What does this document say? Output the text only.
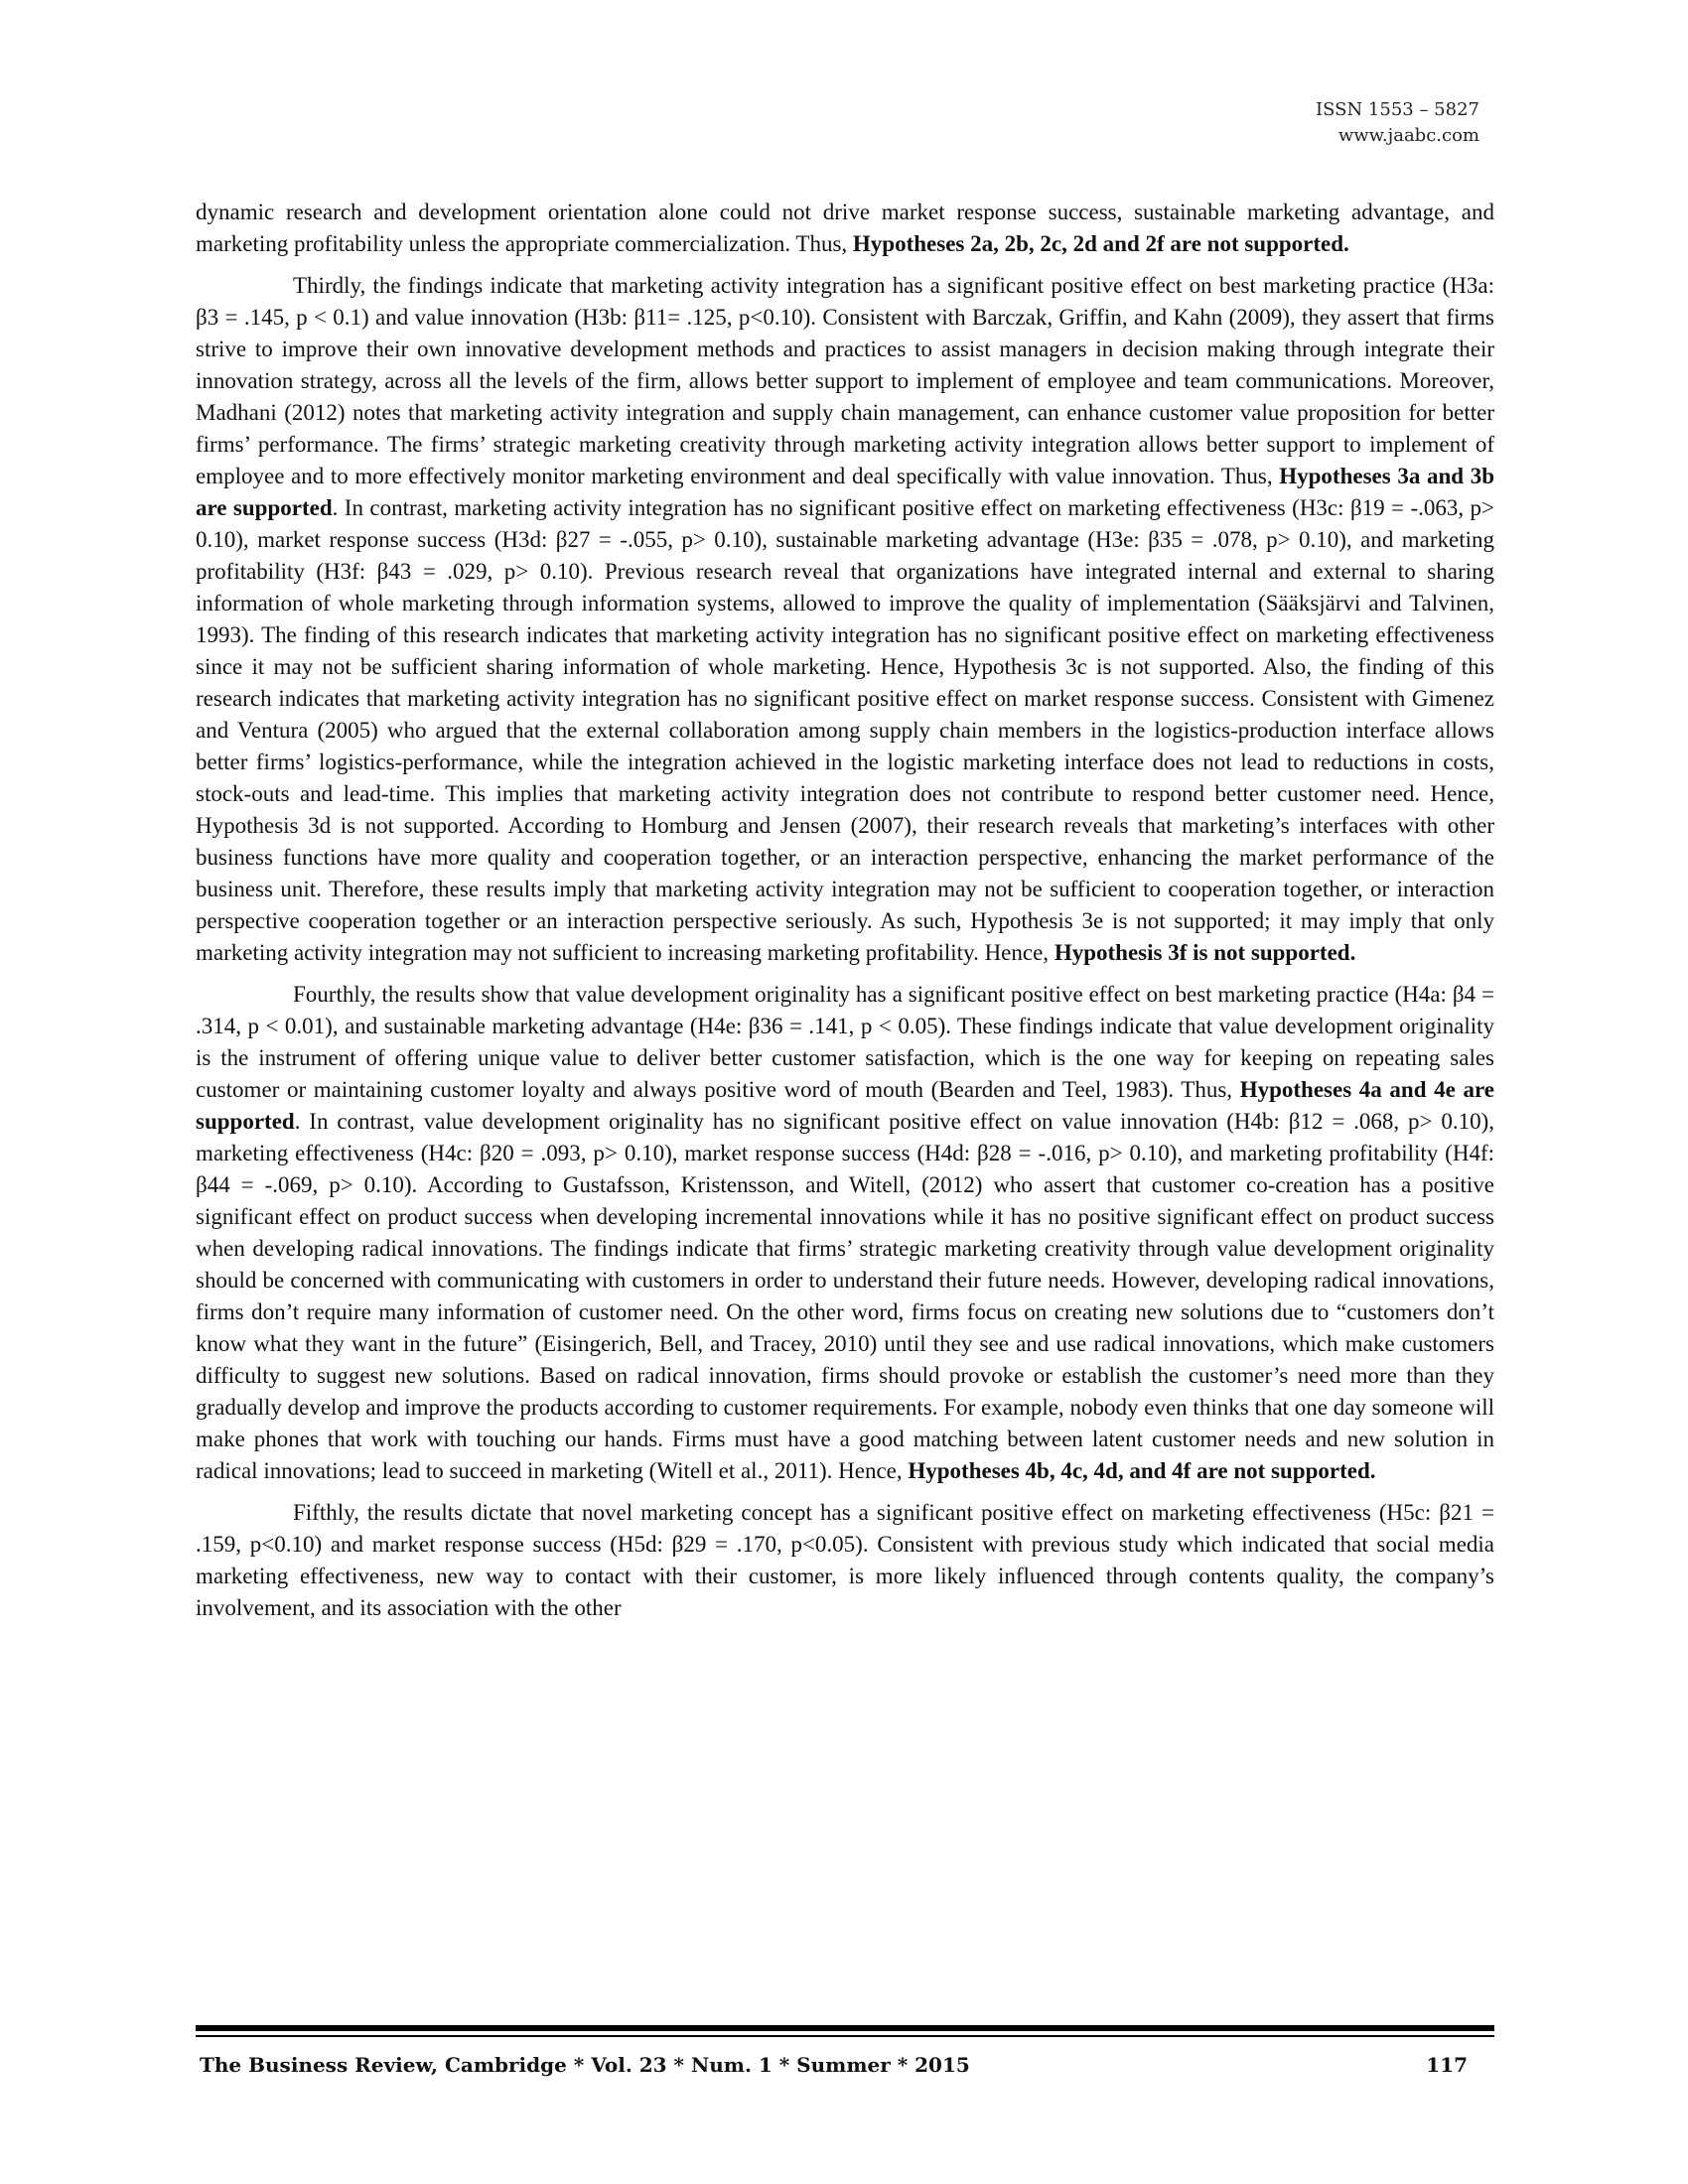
ISSN 1553 – 5827
www.jaabc.com

dynamic research and development orientation alone could not drive market response success, sustainable marketing advantage, and marketing profitability unless the appropriate commercialization. Thus, Hypotheses 2a, 2b, 2c, 2d and 2f are not supported.

Thirdly, the findings indicate that marketing activity integration has a significant positive effect on best marketing practice (H3a: β3 = .145, p < 0.1) and value innovation (H3b: β11= .125, p<0.10). Consistent with Barczak, Griffin, and Kahn (2009), they assert that firms strive to improve their own innovative development methods and practices to assist managers in decision making through integrate their innovation strategy, across all the levels of the firm, allows better support to implement of employee and team communications. Moreover, Madhani (2012) notes that marketing activity integration and supply chain management, can enhance customer value proposition for better firms’ performance. The firms’ strategic marketing creativity through marketing activity integration allows better support to implement of employee and to more effectively monitor marketing environment and deal specifically with value innovation. Thus, Hypotheses 3a and 3b are supported. In contrast, marketing activity integration has no significant positive effect on marketing effectiveness (H3c: β19 = -.063, p> 0.10), market response success (H3d: β27 = -.055, p> 0.10), sustainable marketing advantage (H3e: β35 = .078, p> 0.10), and marketing profitability (H3f: β43 = .029, p> 0.10). Previous research reveal that organizations have integrated internal and external to sharing information of whole marketing through information systems, allowed to improve the quality of implementation (Sääksjärvi and Talvinen, 1993). The finding of this research indicates that marketing activity integration has no significant positive effect on marketing effectiveness since it may not be sufficient sharing information of whole marketing. Hence, Hypothesis 3c is not supported. Also, the finding of this research indicates that marketing activity integration has no significant positive effect on market response success. Consistent with Gimenez and Ventura (2005) who argued that the external collaboration among supply chain members in the logistics-production interface allows better firms’ logistics-performance, while the integration achieved in the logistic marketing interface does not lead to reductions in costs, stock-outs and lead-time. This implies that marketing activity integration does not contribute to respond better customer need. Hence, Hypothesis 3d is not supported. According to Homburg and Jensen (2007), their research reveals that marketing’s interfaces with other business functions have more quality and cooperation together, or an interaction perspective, enhancing the market performance of the business unit. Therefore, these results imply that marketing activity integration may not be sufficient to cooperation together, or interaction perspective cooperation together or an interaction perspective seriously. As such, Hypothesis 3e is not supported; it may imply that only marketing activity integration may not sufficient to increasing marketing profitability. Hence, Hypothesis 3f is not supported.

Fourthly, the results show that value development originality has a significant positive effect on best marketing practice (H4a: β4 = .314, p < 0.01), and sustainable marketing advantage (H4e: β36 = .141, p < 0.05). These findings indicate that value development originality is the instrument of offering unique value to deliver better customer satisfaction, which is the one way for keeping on repeating sales customer or maintaining customer loyalty and always positive word of mouth (Bearden and Teel, 1983). Thus, Hypotheses 4a and 4e are supported. In contrast, value development originality has no significant positive effect on value innovation (H4b: β12 = .068, p> 0.10), marketing effectiveness (H4c: β20 = .093, p> 0.10), market response success (H4d: β28 = -.016, p> 0.10), and marketing profitability (H4f: β44 = -.069, p> 0.10). According to Gustafsson, Kristensson, and Witell, (2012) who assert that customer co-creation has a positive significant effect on product success when developing incremental innovations while it has no positive significant effect on product success when developing radical innovations. The findings indicate that firms’ strategic marketing creativity through value development originality should be concerned with communicating with customers in order to understand their future needs. However, developing radical innovations, firms don’t require many information of customer need. On the other word, firms focus on creating new solutions due to “customers don’t know what they want in the future” (Eisingerich, Bell, and Tracey, 2010) until they see and use radical innovations, which make customers difficulty to suggest new solutions. Based on radical innovation, firms should provoke or establish the customer’s need more than they gradually develop and improve the products according to customer requirements. For example, nobody even thinks that one day someone will make phones that work with touching our hands. Firms must have a good matching between latent customer needs and new solution in radical innovations; lead to succeed in marketing (Witell et al., 2011). Hence, Hypotheses 4b, 4c, 4d, and 4f are not supported.

Fifthly, the results dictate that novel marketing concept has a significant positive effect on marketing effectiveness (H5c: β21 = .159, p<0.10) and market response success (H5d: β29 = .170, p<0.05). Consistent with previous study which indicated that social media marketing effectiveness, new way to contact with their customer, is more likely influenced through contents quality, the company’s involvement, and its association with the other

The Business Review, Cambridge * Vol. 23 * Num. 1 * Summer * 2015	117
